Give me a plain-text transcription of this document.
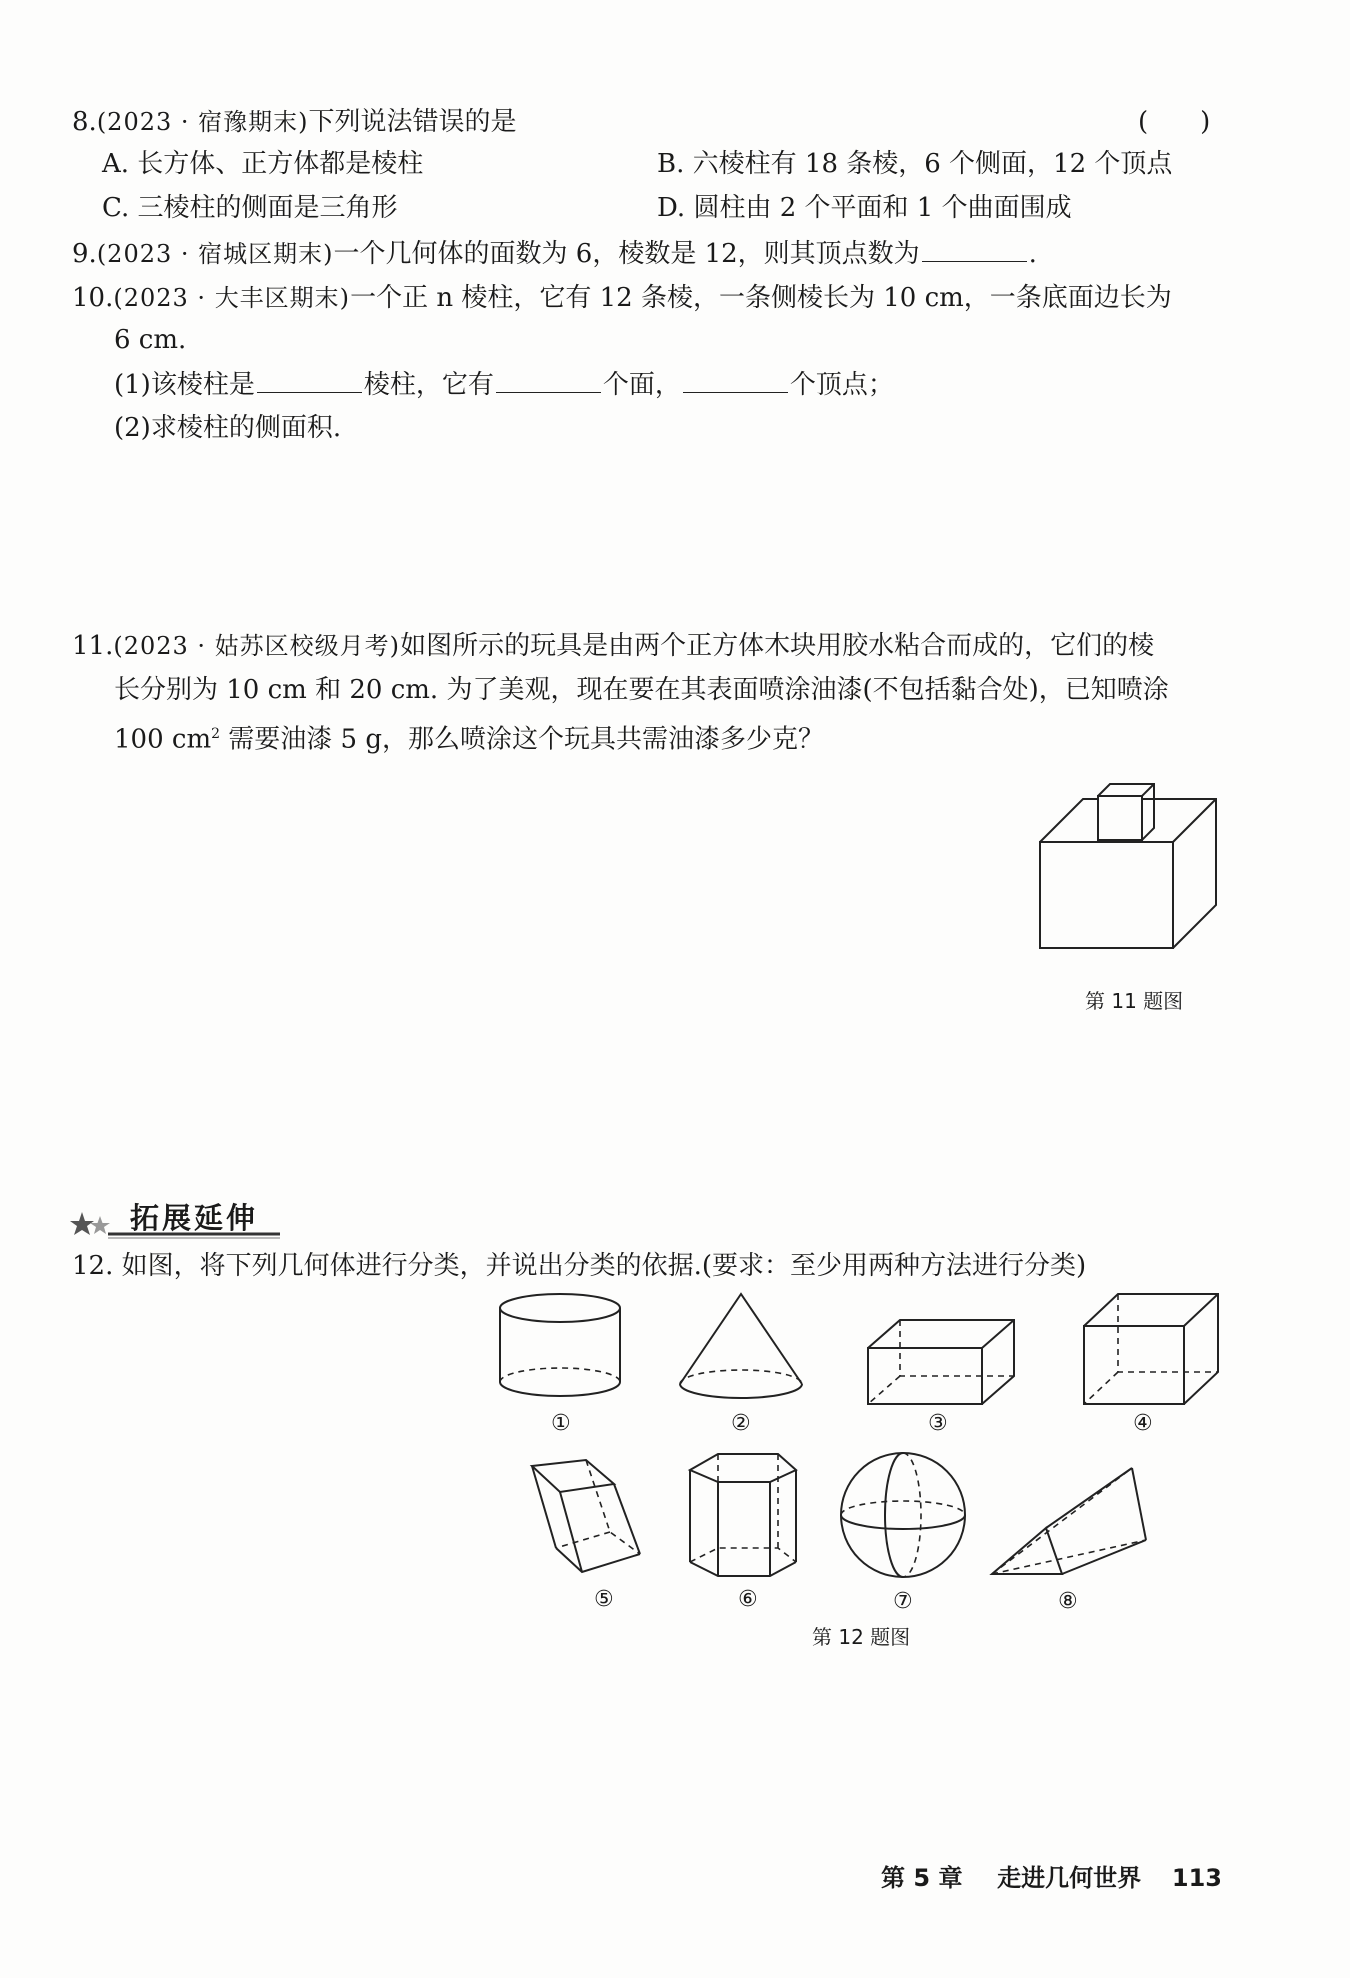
8.(2023 · 宿豫期末)下列说法错误的是	(　　)
A. 长方体、正方体都是棱柱	B. 六棱柱有 18 条棱，6 个侧面，12 个顶点
C. 三棱柱的侧面是三角形	D. 圆柱由 2 个平面和 1 个曲面围成
9.(2023 · 宿城区期末)一个几何体的面数为 6，棱数是 12，则其顶点数为	.
10.(2023 · 大丰区期末)一个正 n 棱柱，它有 12 条棱，一条侧棱长为 10 cm，一条底面边长为
6 cm.
(1)该棱柱是	棱柱，它有	个面，	个顶点；
(2)求棱柱的侧面积.
11.(2023 · 姑苏区校级月考)如图所示的玩具是由两个正方体木块用胶水粘合而成的，它们的棱
长分别为 10 cm 和 20 cm. 为了美观，现在要在其表面喷涂油漆(不包括黏合处)，已知喷涂
100 $cm^2$ 需要油漆 5 g，那么喷涂这个玩具共需油漆多少克？
第 11 题图
拓展延伸
12. 如图，将下列几何体进行分类，并说出分类的依据.(要求：至少用两种方法进行分类)
①	②	③	④
⑤	⑥	⑦	⑧
第 12 题图
第 5 章 走进几何世界 113
